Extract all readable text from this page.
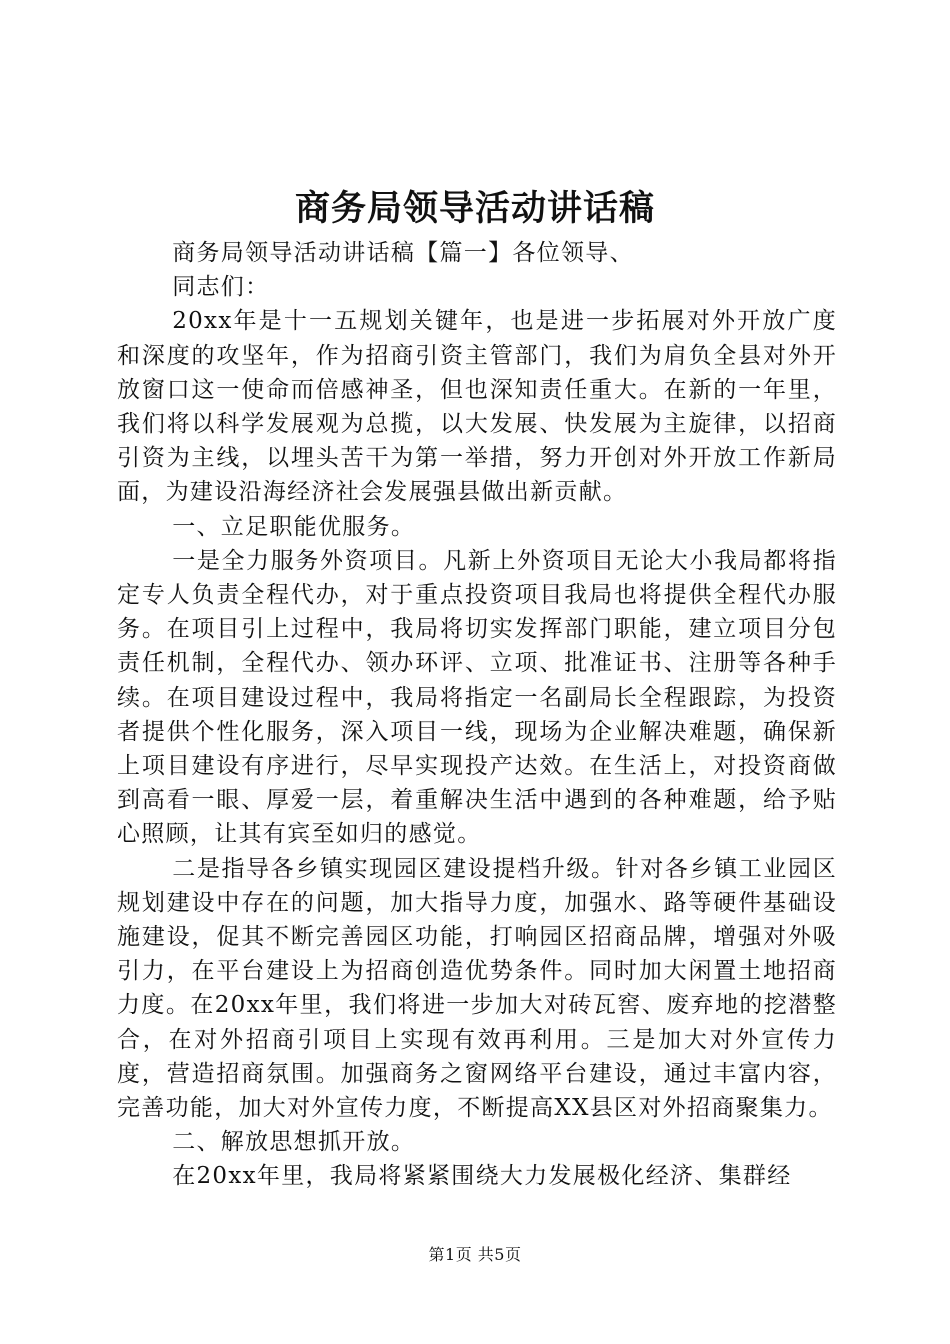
商务局领导活动讲话稿

商务局领导活动讲话稿【篇一】各位领导、

同志们：

20xx年是十一五规划关键年，也是进一步拓展对外开放广度和深度的攻坚年，作为招商引资主管部门，我们为肩负全县对外开放窗口这一使命而倍感神圣，但也深知责任重大。在新的一年里，我们将以科学发展观为总揽，以大发展、快发展为主旋律，以招商引资为主线，以埋头苦干为第一举措，努力开创对外开放工作新局面，为建设沿海经济社会发展强县做出新贡献。

一、立足职能优服务。

一是全力服务外资项目。凡新上外资项目无论大小我局都将指定专人负责全程代办，对于重点投资项目我局也将提供全程代办服务。在项目引上过程中，我局将切实发挥部门职能，建立项目分包责任机制，全程代办、领办环评、立项、批准证书、注册等各种手续。在项目建设过程中，我局将指定一名副局长全程跟踪，为投资者提供个性化服务，深入项目一线，现场为企业解决难题，确保新上项目建设有序进行，尽早实现投产达效。在生活上，对投资商做到高看一眼、厚爱一层，着重解决生活中遇到的各种难题，给予贴心照顾，让其有宾至如归的感觉。

二是指导各乡镇实现园区建设提档升级。针对各乡镇工业园区规划建设中存在的问题，加大指导力度，加强水、路等硬件基础设施建设，促其不断完善园区功能，打响园区招商品牌，增强对外吸引力，在平台建设上为招商创造优势条件。同时加大闲置土地招商力度。在20xx年里，我们将进一步加大对砖瓦窖、废弃地的挖潜整合，在对外招商引项目上实现有效再利用。三是加大对外宣传力度，营造招商氛围。加强商务之窗网络平台建设，通过丰富内容，完善功能，加大对外宣传力度，不断提高XX县区对外招商聚集力。

二、解放思想抓开放。

在20xx年里，我局将紧紧围绕大力发展极化经济、集群经

第1页 共5页
